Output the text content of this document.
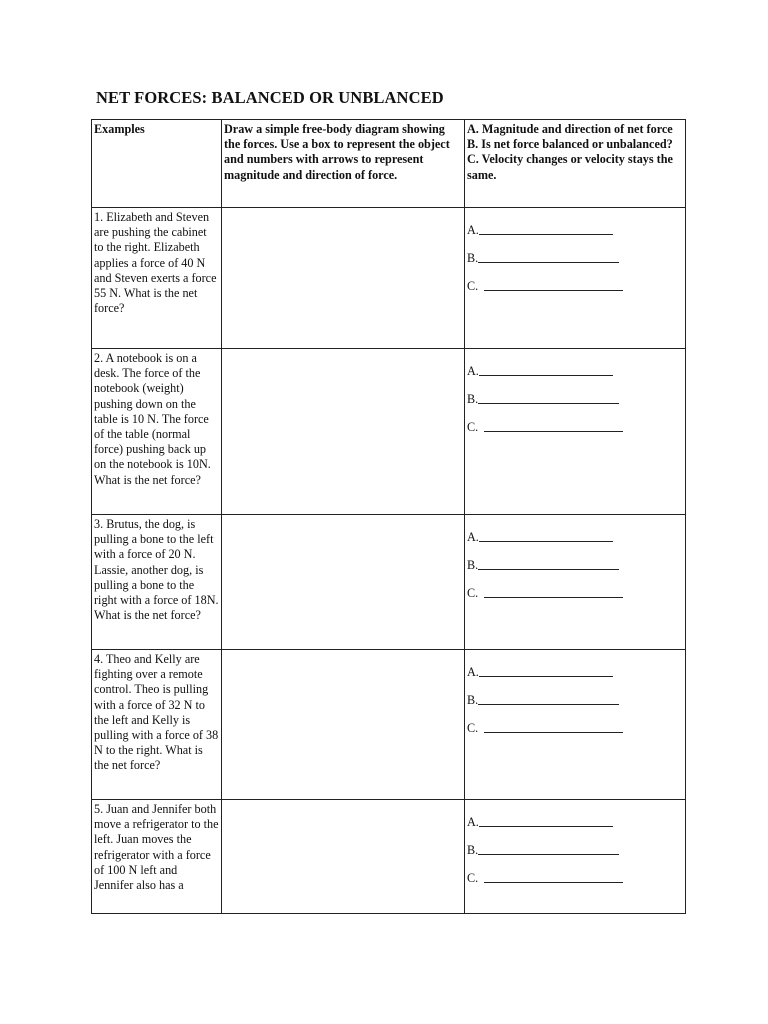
NET FORCES: BALANCED OR UNBLANCED
Examples	Draw a simple free-body diagram showing the forces. Use a box to represent the object and numbers with arrows to represent magnitude and direction of force.	A. Magnitude and direction of net force B. Is net force balanced or unbalanced? C. Velocity changes or velocity stays the same.
1. Elizabeth and Steven are pushing the cabinet to the right. Elizabeth applies a force of 40 N and Steven exerts a force 55 N. What is the net force?		A.
B.
C.

2. A notebook is on a desk. The force of the notebook (weight) pushing down on the table is 10 N. The force of the table (normal force) pushing back up on the notebook is 10N. What is the net force?		A.
B.
C.

3. Brutus, the dog, is pulling a bone to the left with a force of 20 N. Lassie, another dog, is pulling a bone to the right with a force of 18N. What is the net force?		A.
B.
C.

4. Theo and Kelly are fighting over a remote control. Theo is pulling with a force of 32 N to the left and Kelly is pulling with a force of 38 N to the right. What is the net force?		A.
B.
C.

5. Juan and Jennifer both move a refrigerator to the left. Juan moves the refrigerator with a force of 100 N left and Jennifer also has a		A.
B.
C.
